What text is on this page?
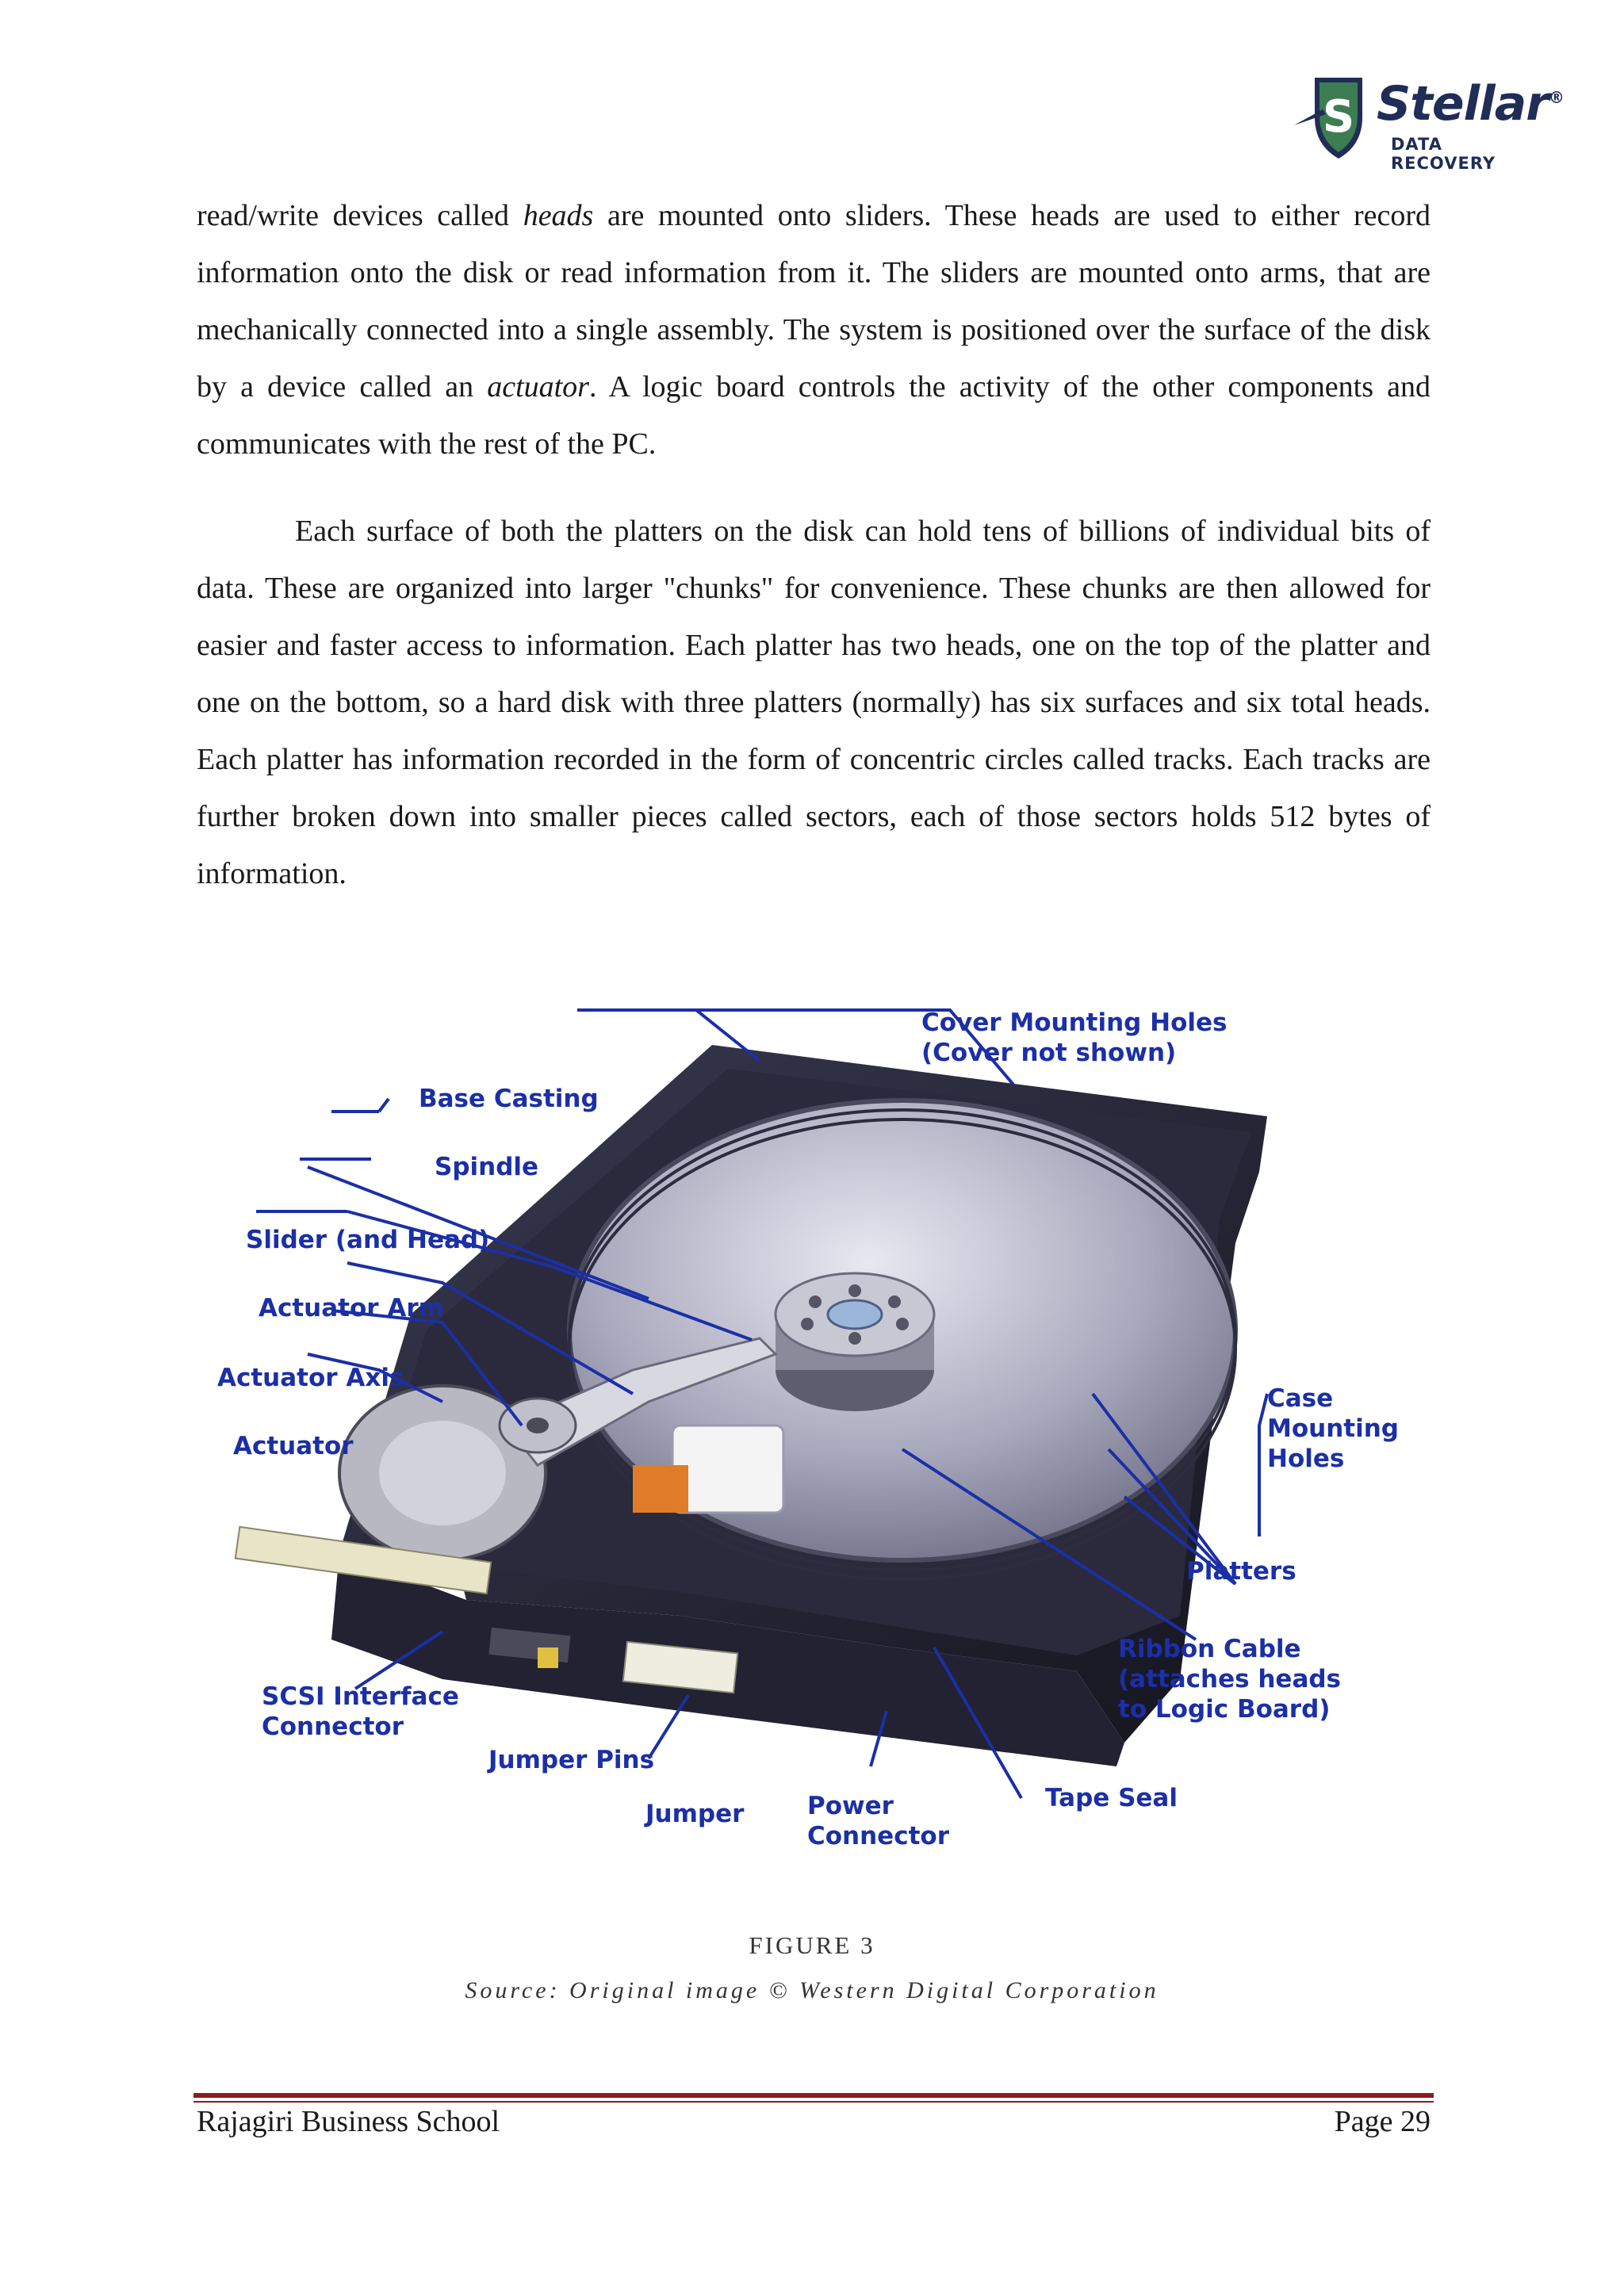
S Stellar®
DATA RECOVERY
read/write devices called heads are mounted onto sliders. These heads are used to either record information onto the disk or read information from it. The sliders are mounted onto arms, that are mechanically connected into a single assembly. The system is positioned over the surface of the disk by a device called an actuator. A logic board controls the activity of the other components and communicates with the rest of the PC.
Each surface of both the platters on the disk can hold tens of billions of individual bits of data. These are organized into larger "chunks" for convenience. These chunks are then allowed for easier and faster access to information. Each platter has two heads, one on the top of the platter and one on the bottom, so a hard disk with three platters (normally) has six surfaces and six total heads. Each platter has information recorded in the form of concentric circles called tracks. Each tracks are further broken down into smaller pieces called sectors, each of those sectors holds 512 bytes of information.
Cover Mounting Holes
(Cover not shown)
Base Casting
Spindle
Slider (and Head)
Actuator Arm
Actuator Axis
Actuator
Case
Mounting
Holes
Platters
Ribbon Cable
(attaches heads
to Logic Board)
SCSI Interface
Connector
Jumper Pins
Jumper	Power
Connector
Tape Seal
FIGURE 3
Source: Original image © Western Digital Corporation
Rajagiri Business School	Page 29
